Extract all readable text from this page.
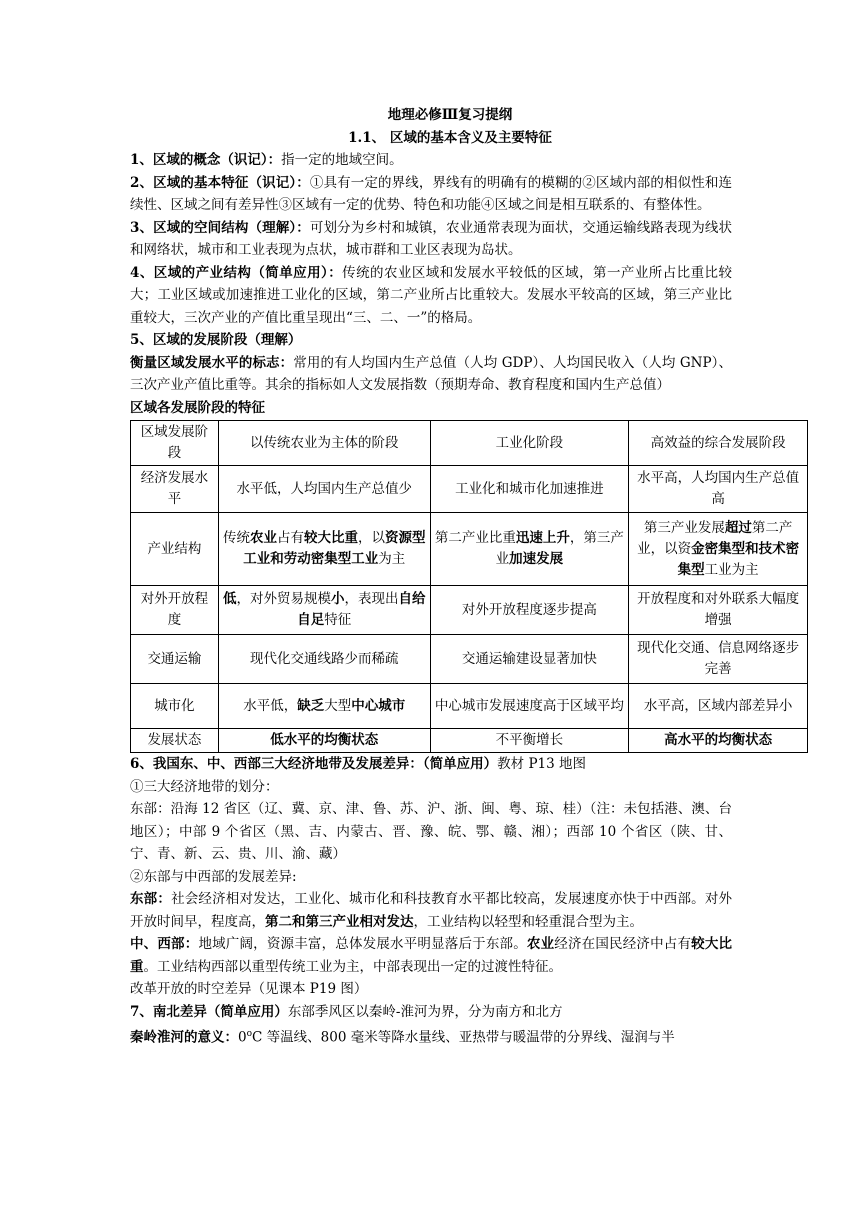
地理必修Ⅲ复习提纲
1.1、 区域的基本含义及主要特征

1、区域的概念（识记）：指一定的地域空间。

2、区域的基本特征（识记）：①具有一定的界线，界线有的明确有的模糊的②区域内部的相似性和连续性、区域之间有差异性③区域有一定的优势、特色和功能④区域之间是相互联系的、有整体性。

3、区域的空间结构（理解）：可划分为乡村和城镇，农业通常表现为面状，交通运输线路表现为线状和网络状，城市和工业表现为点状，城市群和工业区表现为岛状。

4、区域的产业结构（简单应用）：传统的农业区域和发展水平较低的区域，第一产业所占比重比较大；工业区域或加速推进工业化的区域，第二产业所占比重较大。发展水平较高的区域，第三产业比重较大，三次产业的产值比重呈现出“三、二、一”的格局。

5、区域的发展阶段（理解）

衡量区域发展水平的标志：常用的有人均国内生产总值（人均 GDP）、人均国民收入（人均 GNP）、三次产业产值比重等。其余的指标如人文发展指数（预期寿命、教育程度和国内生产总值）

区域各发展阶段的特征

区域发展阶段	以传统农业为主体的阶段	工业化阶段	高效益的综合发展阶段
经济发展水平	水平低，人均国内生产总值少	工业化和城市化加速推进	水平高，人均国内生产总值高
产业结构	传统农业占有较大比重，以资源型工业和劳动密集型工业为主	第二产业比重迅速上升，第三产业加速发展	第三产业发展超过第二产业，以资金密集型和技术密集型工业为主
对外开放程度	低，对外贸易规模小，表现出自给自足特征	对外开放程度逐步提高	开放程度和对外联系大幅度增强
交通运输	现代化交通线路少而稀疏	交通运输建设显著加快	现代化交通、信息网络逐步完善
城市化	水平低，缺乏大型中心城市	中心城市发展速度高于区域平均	水平高，区域内部差异小
发展状态	低水平的均衡状态	不平衡增长	高水平的均衡状态

6、我国东、中、西部三大经济地带及发展差异：（简单应用）教材 P13 地图

①三大经济地带的划分：

东部：沿海 12 省区（辽、冀、京、津、鲁、苏、沪、浙、闽、粤、琼、桂）（注：未包括港、澳、台地区）；中部 9 个省区（黑、吉、内蒙古、晋、豫、皖、鄂、赣、湘）；西部 10 个省区（陕、甘、宁、青、新、云、贵、川、渝、藏）

②东部与中西部的发展差异:

东部：社会经济相对发达，工业化、城市化和科技教育水平都比较高，发展速度亦快于中西部。对外开放时间早，程度高，第二和第三产业相对发达，工业结构以轻型和轻重混合型为主。

中、西部：地域广阔，资源丰富，总体发展水平明显落后于东部。农业经济在国民经济中占有较大比重。工业结构西部以重型传统工业为主，中部表现出一定的过渡性特征。

改革开放的时空差异（见课本 P19 图）

7、南北差异（简单应用）东部季风区以秦岭-淮河为界，分为南方和北方

秦岭淮河的意义：0$^o$C 等温线、800 毫米等降水量线、亚热带与暖温带的分界线、湿润与半
